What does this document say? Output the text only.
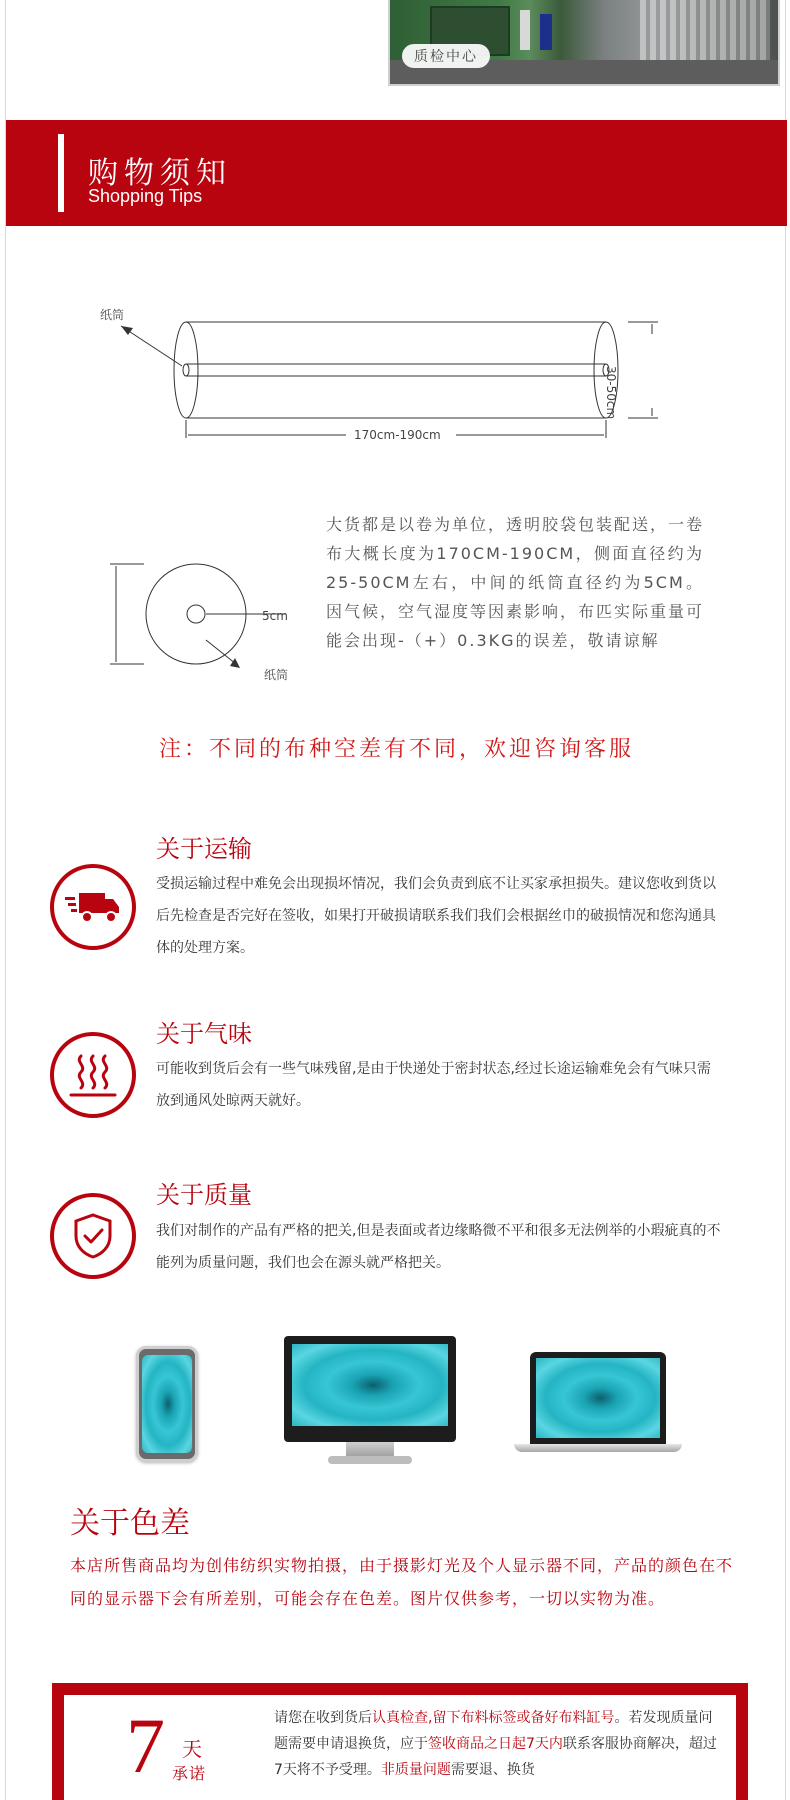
质检中心
购物须知
Shopping Tips
纸筒
170cm-190cm
30-50cm
5cm
纸筒
大货都是以卷为单位，透明胶袋包装配送，一卷布大概长度为170CM-190CM，侧面直径约为25-50CM左右，中间的纸筒直径约为5CM。因气候，空气湿度等因素影响，布匹实际重量可能会出现-（+）0.3KG的误差，敬请谅解
注：不同的布种空差有不同，欢迎咨询客服
关于运输
受损运输过程中难免会出现损坏情况，我们会负责到底不让买家承担损失。建议您收到货以后先检查是否完好在签收，如果打开破损请联系我们我们会根据丝巾的破损情况和您沟通具体的处理方案。
关于气味
可能收到货后会有一些气味残留,是由于快递处于密封状态,经过长途运输难免会有气味只需放到通风处晾两天就好。
关于质量
我们对制作的产品有严格的把关,但是表面或者边缘略微不平和很多无法例举的小瑕疵真的不能列为质量问题，我们也会在源头就严格把关。
关于色差
本店所售商品均为创伟纺织实物拍摄，由于摄影灯光及个人显示器不同，产品的颜色在不同的显示器下会有所差别，可能会存在色差。图片仅供参考，一切以实物为准。
7 天
承诺
请您在收到货后认真检查,留下布料标签或备好布料缸号。若发现质量问题需要申请退换货，应于签收商品之日起7天内联系客服协商解决，超过7天将不予受理。非质量问题需要退、换货
